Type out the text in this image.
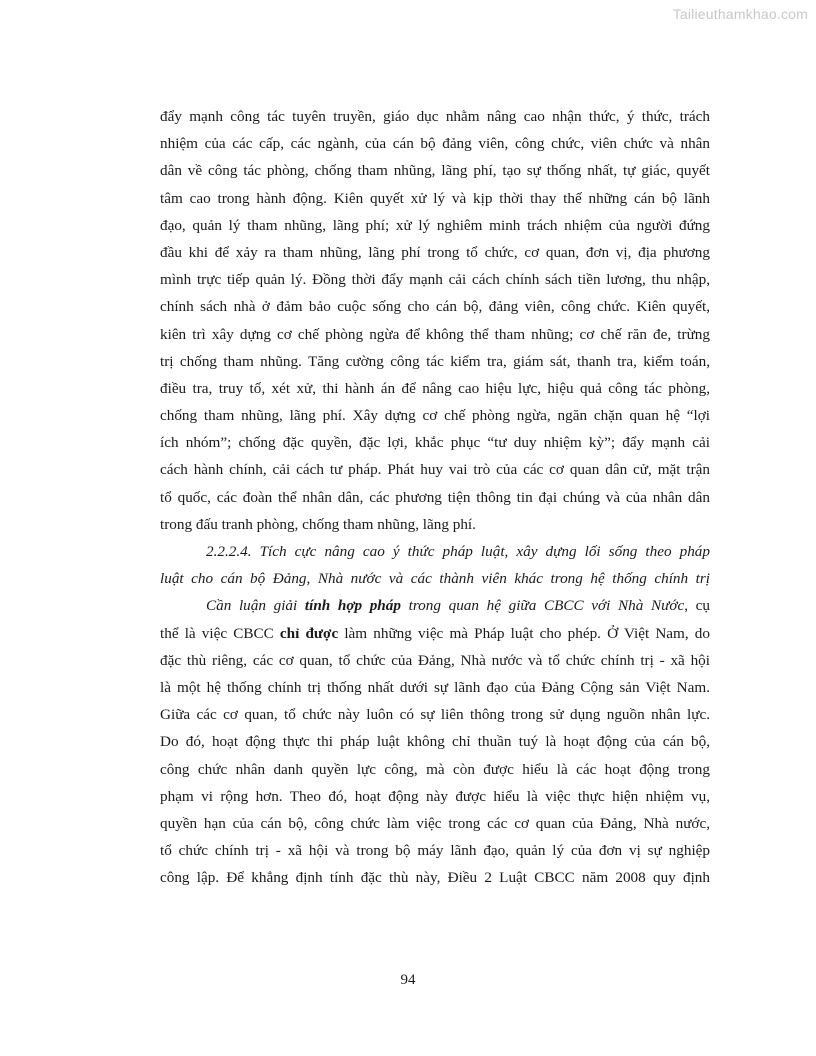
Tailieuthamkhao.com
đẩy mạnh công tác tuyên truyền, giáo dục nhằm nâng cao nhận thức, ý thức, trách
nhiệm của các cấp, các ngành, của cán bộ đảng viên, công chức, viên chức và nhân
dân về công tác phòng, chống tham nhũng, lãng phí, tạo sự thống nhất, tự giác, quyết
tâm cao trong hành động. Kiên quyết xử lý và kịp thời thay thế những cán bộ lãnh
đạo, quản lý tham nhũng, lãng phí; xử lý nghiêm minh trách nhiệm của người đứng
đầu khi để xảy ra tham nhũng, lãng phí trong tổ chức, cơ quan, đơn vị, địa phương
mình trực tiếp quản lý. Đồng thời đẩy mạnh cải cách chính sách tiền lương, thu nhập,
chính sách nhà ở đảm bảo cuộc sống cho cán bộ, đảng viên, công chức. Kiên quyết,
kiên trì xây dựng cơ chế phòng ngừa để không thể tham nhũng; cơ chế răn đe, trừng
trị chống tham nhũng. Tăng cường công tác kiểm tra, giám sát, thanh tra, kiểm toán,
điều tra, truy tố, xét xử, thi hành án để nâng cao hiệu lực, hiệu quả công tác phòng,
chống tham nhũng, lãng phí. Xây dựng cơ chế phòng ngừa, ngăn chặn quan hệ “lợi
ích nhóm”; chống đặc quyền, đặc lợi, khắc phục “tư duy nhiệm kỳ”; đẩy mạnh cải
cách hành chính, cải cách tư pháp. Phát huy vai trò của các cơ quan dân cử, mặt trận
tổ quốc, các đoàn thể nhân dân, các phương tiện thông tin đại chúng và của nhân dân
trong đấu tranh phòng, chống tham nhũng, lãng phí.
2.2.2.4. Tích cực nâng cao ý thức pháp luật, xây dựng lối sống theo pháp
luật cho cán bộ Đảng, Nhà nước và các thành viên khác trong hệ thống chính trị
Cần luận giải tính hợp pháp trong quan hệ giữa CBCC với Nhà Nước, cụ
thể là việc CBCC chỉ được làm những việc mà Pháp luật cho phép. Ở Việt Nam, do
đặc thù riêng, các cơ quan, tổ chức của Đảng, Nhà nước và tổ chức chính trị - xã hội
là một hệ thống chính trị thống nhất dưới sự lãnh đạo của Đảng Cộng sản Việt Nam.
Giữa các cơ quan, tổ chức này luôn có sự liên thông trong sử dụng nguồn nhân lực.
Do đó, hoạt động thực thi pháp luật không chỉ thuần tuý là hoạt động của cán bộ,
công chức nhân danh quyền lực công, mà còn được hiểu là các hoạt động trong
phạm vi rộng hơn. Theo đó, hoạt động này được hiểu là việc thực hiện nhiệm vụ,
quyền hạn của cán bộ, công chức làm việc trong các cơ quan của Đảng, Nhà nước,
tổ chức chính trị - xã hội và trong bộ máy lãnh đạo, quản lý của đơn vị sự nghiệp
công lập. Để khẳng định tính đặc thù này, Điều 2 Luật CBCC năm 2008 quy định
94
